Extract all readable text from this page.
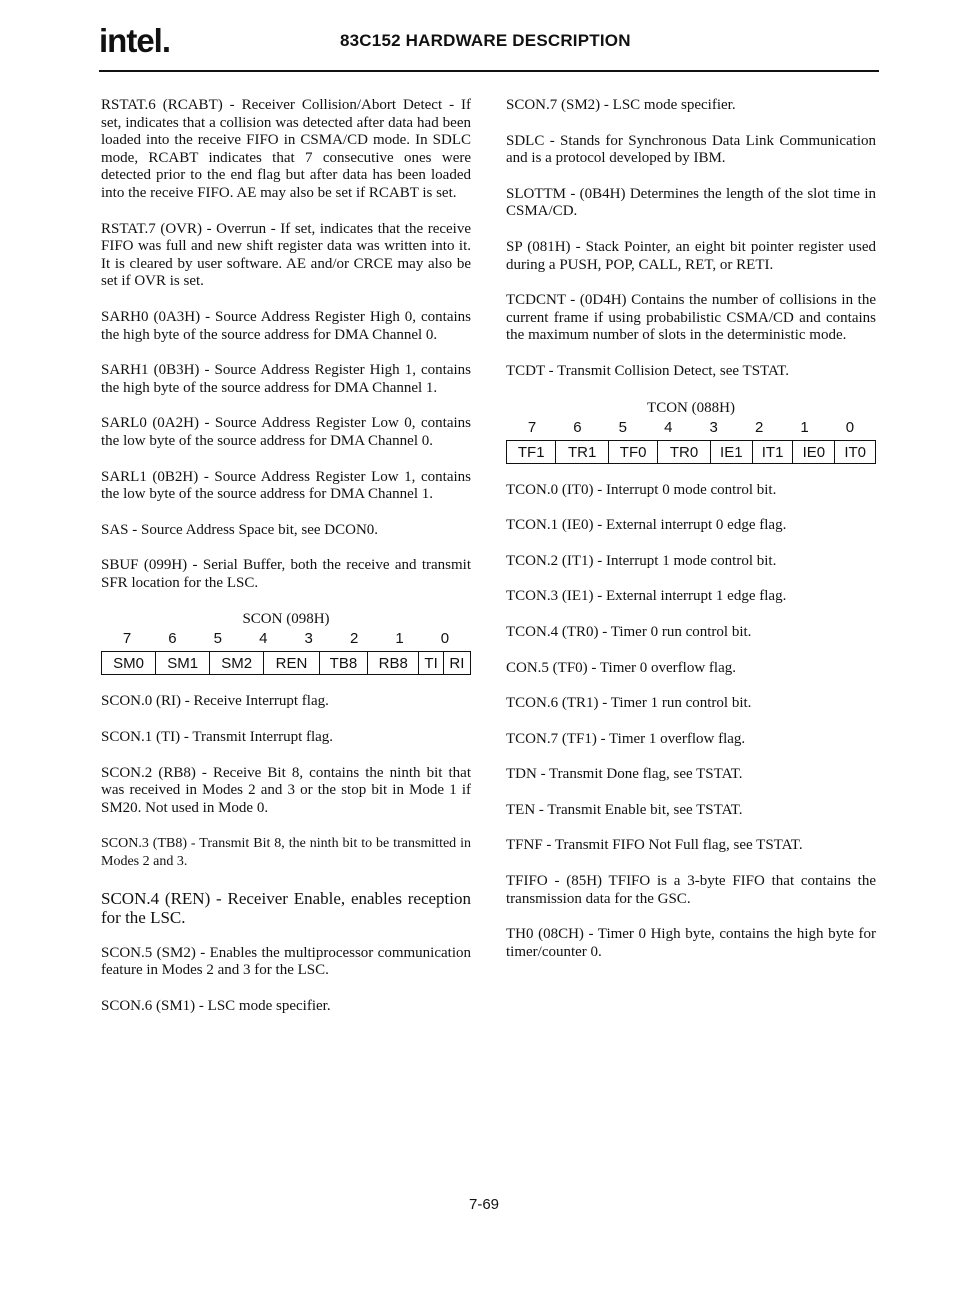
intel.	83C152 HARDWARE DESCRIPTION

RSTAT.6 (RCABT) - Receiver Collision/Abort Detect - If set, indicates that a collision was detected after data had been loaded into the receive FIFO in CSMA/CD mode. In SDLC mode, RCABT indicates that 7 consecutive ones were detected prior to the end flag but after data has been loaded into the receive FIFO. AE may also be set if RCABT is set.

RSTAT.7 (OVR) - Overrun - If set, indicates that the receive FIFO was full and new shift register data was written into it. It is cleared by user software. AE and/or CRCE may also be set if OVR is set.

SARH0 (0A3H) - Source Address Register High 0, contains the high byte of the source address for DMA Channel 0.

SARH1 (0B3H) - Source Address Register High 1, contains the high byte of the source address for DMA Channel 1.

SARL0 (0A2H) - Source Address Register Low 0, contains the low byte of the source address for DMA Channel 0.

SARL1 (0B2H) - Source Address Register Low 1, contains the low byte of the source address for DMA Channel 1.

SAS - Source Address Space bit, see DCON0.

SBUF (099H) - Serial Buffer, both the receive and transmit SFR location for the LSC.

SCON (098H)
7	6	5	4	3	2	1	0
SM0	SM1	SM2	REN	TB8	RB8	TI	RI

SCON.0 (RI) - Receive Interrupt flag.

SCON.1 (TI) - Transmit Interrupt flag.

SCON.2 (RB8) - Receive Bit 8, contains the ninth bit that was received in Modes 2 and 3 or the stop bit in Mode 1 if SM20. Not used in Mode 0.

SCON.3 (TB8) - Transmit Bit 8, the ninth bit to be transmitted in Modes 2 and 3.

SCON.4 (REN) - Receiver Enable, enables reception for the LSC.

SCON.5 (SM2) - Enables the multiprocessor communication feature in Modes 2 and 3 for the LSC.

SCON.6 (SM1) - LSC mode specifier.

SCON.7 (SM2) - LSC mode specifier.

SDLC - Stands for Synchronous Data Link Communication and is a protocol developed by IBM.

SLOTTM - (0B4H) Determines the length of the slot time in CSMA/CD.

SP (081H) - Stack Pointer, an eight bit pointer register used during a PUSH, POP, CALL, RET, or RETI.

TCDCNT - (0D4H) Contains the number of collisions in the current frame if using probabilistic CSMA/CD and contains the maximum number of slots in the deterministic mode.

TCDT - Transmit Collision Detect, see TSTAT.

TCON (088H)
7	6	5	4	3	2	1	0
TF1	TR1	TF0	TR0	IE1	IT1	IE0	IT0

TCON.0 (IT0) - Interrupt 0 mode control bit.

TCON.1 (IE0) - External interrupt 0 edge flag.

TCON.2 (IT1) - Interrupt 1 mode control bit.

TCON.3 (IE1) - External interrupt 1 edge flag.

TCON.4 (TR0) - Timer 0 run control bit.

CON.5 (TF0) - Timer 0 overflow flag.

TCON.6 (TR1) - Timer 1 run control bit.

TCON.7 (TF1) - Timer 1 overflow flag.

TDN - Transmit Done flag, see TSTAT.

TEN - Transmit Enable bit, see TSTAT.

TFNF - Transmit FIFO Not Full flag, see TSTAT.

TFIFO - (85H) TFIFO is a 3-byte FIFO that contains the transmission data for the GSC.

TH0 (08CH) - Timer 0 High byte, contains the high byte for timer/counter 0.

7-69
